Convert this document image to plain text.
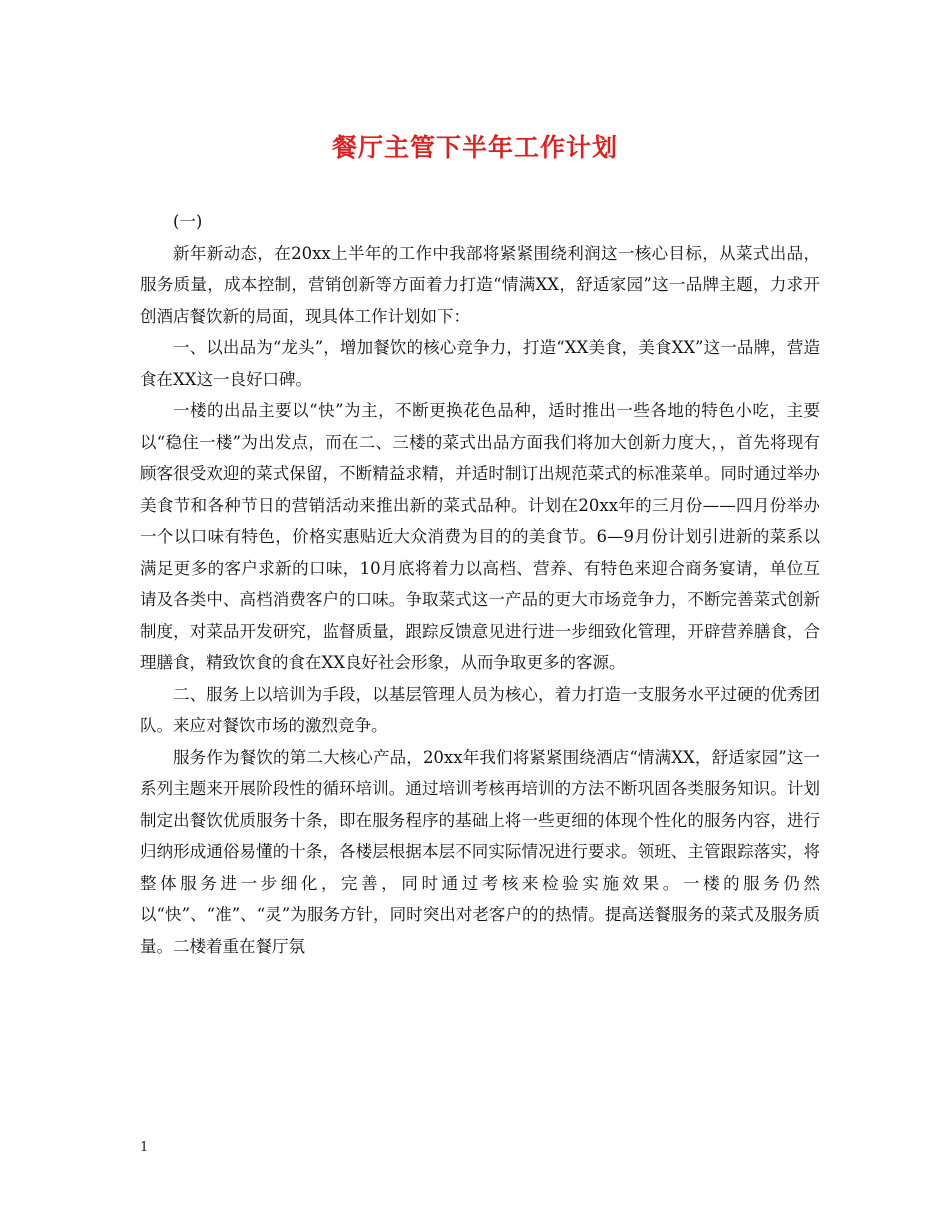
餐厅主管下半年工作计划

(一)

新年新动态，在20xx上半年的工作中我部将紧紧围绕利润这一核心目标，从菜式出品，服务质量，成本控制，营销创新等方面着力打造“情满XX，舒适家园”这一品牌主题，力求开创酒店餐饮新的局面，现具体工作计划如下：

一、以出品为“龙头”，增加餐饮的核心竞争力，打造“XX美食，美食XX”这一品牌，营造食在XX这一良好口碑。

一楼的出品主要以“快”为主，不断更换花色品种，适时推出一些各地的特色小吃，主要以“稳住一楼”为出发点，而在二、三楼的菜式出品方面我们将加大创新力度大，，首先将现有顾客很受欢迎的菜式保留，不断精益求精，并适时制订出规范菜式的标准菜单。同时通过举办美食节和各种节日的营销活动来推出新的菜式品种。计划在20xx年的三月份——四月份举办一个以口味有特色，价格实惠贴近大众消费为目的的美食节。6—9月份计划引进新的菜系以满足更多的客户求新的口味，10月底将着力以高档、营养、有特色来迎合商务宴请，单位互请及各类中、高档消费客户的口味。争取菜式这一产品的更大市场竞争力，不断完善菜式创新制度，对菜品开发研究，监督质量，跟踪反馈意见进行进一步细致化管理，开辟营养膳食，合理膳食，精致饮食的食在XX良好社会形象，从而争取更多的客源。

二、服务上以培训为手段，以基层管理人员为核心，着力打造一支服务水平过硬的优秀团队。来应对餐饮市场的激烈竞争。

服务作为餐饮的第二大核心产品，20xx年我们将紧紧围绕酒店“情满XX，舒适家园”这一系列主题来开展阶段性的循环培训。通过培训考核再培训的方法不断巩固各类服务知识。计划制定出餐饮优质服务十条，即在服务程序的基础上将一些更细的体现个性化的服务内容，进行归纳形成通俗易懂的十条，各楼层根据本层不同实际情况进行要求。领班、主管跟踪落实，将整体服务进一步细化，完善，同时通过考核来检验实施效果。一楼的服务仍然以“快”、“准”、“灵”为服务方针，同时突出对老客户的的热情。提高送餐服务的菜式及服务质量。二楼着重在餐厅氛

1
